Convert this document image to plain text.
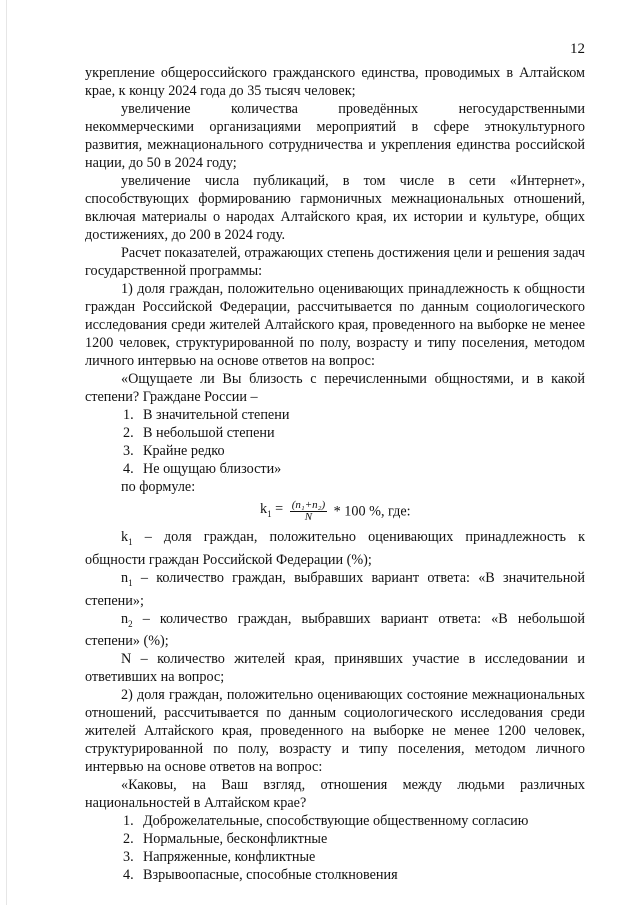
12

укрепление общероссийского гражданского единства, проводимых в Алтайском крае, к концу 2024 года до 35 тысяч человек;

увеличение количества проведённых негосударственными некоммерческими организациями мероприятий в сфере этнокультурного развития, межнационального сотрудничества и укрепления единства российской нации, до 50 в 2024 году;

увеличение числа публикаций, в том числе в сети «Интернет», способствующих формированию гармоничных межнациональных отношений, включая материалы о народах Алтайского края, их истории и культуре, общих достижениях, до 200 в 2024 году.

Расчет показателей, отражающих степень достижения цели и решения задач государственной программы:

1) доля граждан, положительно оценивающих принадлежность к общности граждан Российской Федерации, рассчитывается по данным социологического исследования среди жителей Алтайского края, проведенного на выборке не менее 1200 человек, структурированной по полу, возрасту и типу поселения, методом личного интервью на основе ответов на вопрос:

«Ощущаете ли Вы близость с перечисленными общностями, и в какой степени? Граждане России –

1. В значительной степени

2. В небольшой степени

3. Крайне редко

4. Не ощущаю близости»

по формуле:

$k_1 = \frac{\text{(n₁+n₂)}}{N} * 100$ %, где:

$k_1$ – доля граждан, положительно оценивающих принадлежность к общности граждан Российской Федерации (%);

$n_1$ – количество граждан, выбравших вариант ответа: «В значительной степени»;

$n_2$ – количество граждан, выбравших вариант ответа: «В небольшой степени» (%);

N – количество жителей края, принявших участие в исследовании и ответивших на вопрос;

2) доля граждан, положительно оценивающих состояние межнациональных отношений, рассчитывается по данным социологического исследования среди жителей Алтайского края, проведенного на выборке не менее 1200 человек, структурированной по полу, возрасту и типу поселения, методом личного интервью на основе ответов на вопрос:

«Каковы, на Ваш взгляд, отношения между людьми различных национальностей в Алтайском крае?

1. Доброжелательные, способствующие общественному согласию

2. Нормальные, бесконфликтные

3. Напряженные, конфликтные

4. Взрывоопасные, способные столкновения
